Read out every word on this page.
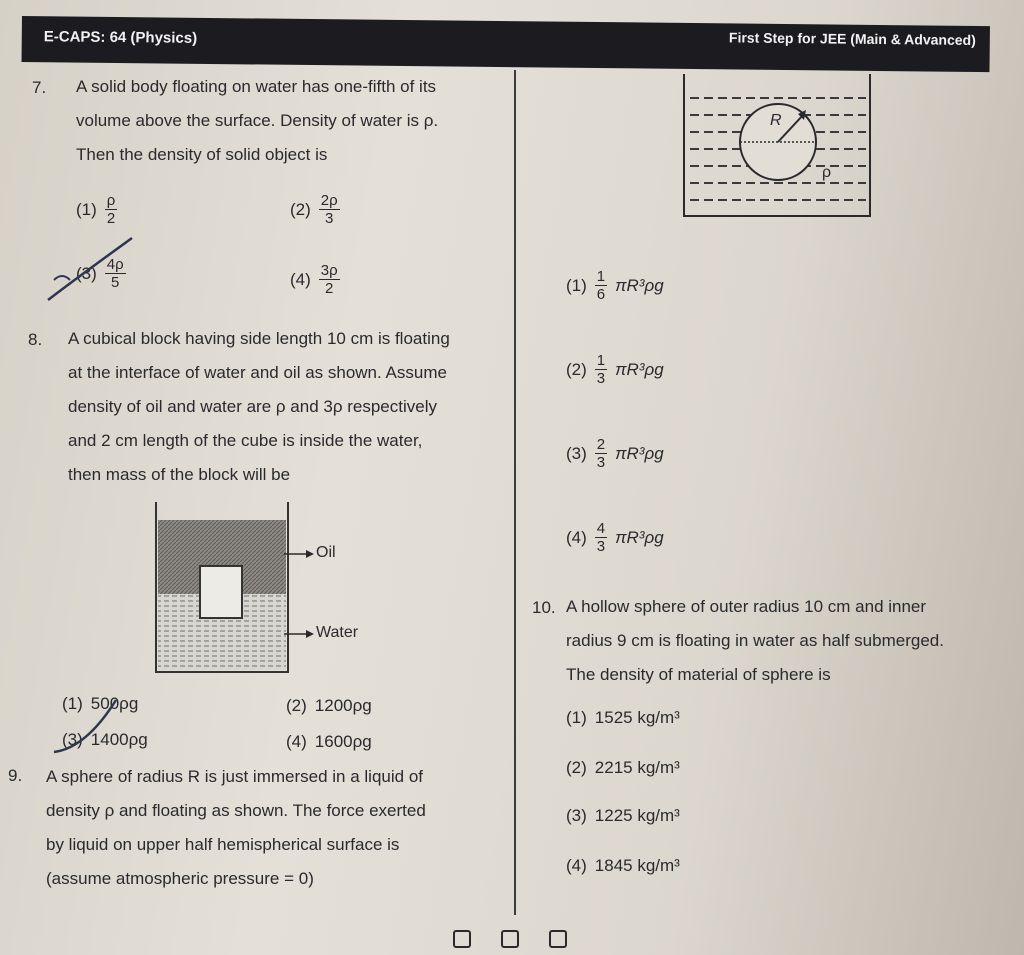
E-CAPS: 64 (Physics)	First Step for JEE (Main & Advanced)
7. A solid body floating on water has one-fifth of its
volume above the surface. Density of water is ρ.
Then the density of solid object is
$(1) \frac{\rho}{2}$	$(2) \frac{2\rho}{3}$
$(3) \frac{4\rho}{5}$	$(4) \frac{3\rho}{2}$
8. A cubical block having side length 10 cm is floating
at the interface of water and oil as shown. Assume
density of oil and water are ρ and 3ρ respectively
and 2 cm length of the cube is inside the water,
then mass of the block will be
Oil
Water
(1) 500ρg	(2) 1200ρg
(3) 1400ρg	(4) 1600ρg
9. A sphere of radius R is just immersed in a liquid of
density ρ and floating as shown. The force exerted
by liquid on upper half hemispherical surface is
(assume atmospheric pressure = 0)
R
ρ
$(1) \frac{1}{6} \pi R^3\rho g$
$(2) \frac{1}{3} \pi R^3\rho g$
$(3) \frac{2}{3} \pi R^3\rho g$
$(4) \frac{4}{3} \pi R^3\rho g$
10. A hollow sphere of outer radius 10 cm and inner
radius 9 cm is floating in water as half submerged.
The density of material of sphere is
(1) 1525 kg/m³
(2) 2215 kg/m³
(3) 1225 kg/m³
(4) 1845 kg/m³
